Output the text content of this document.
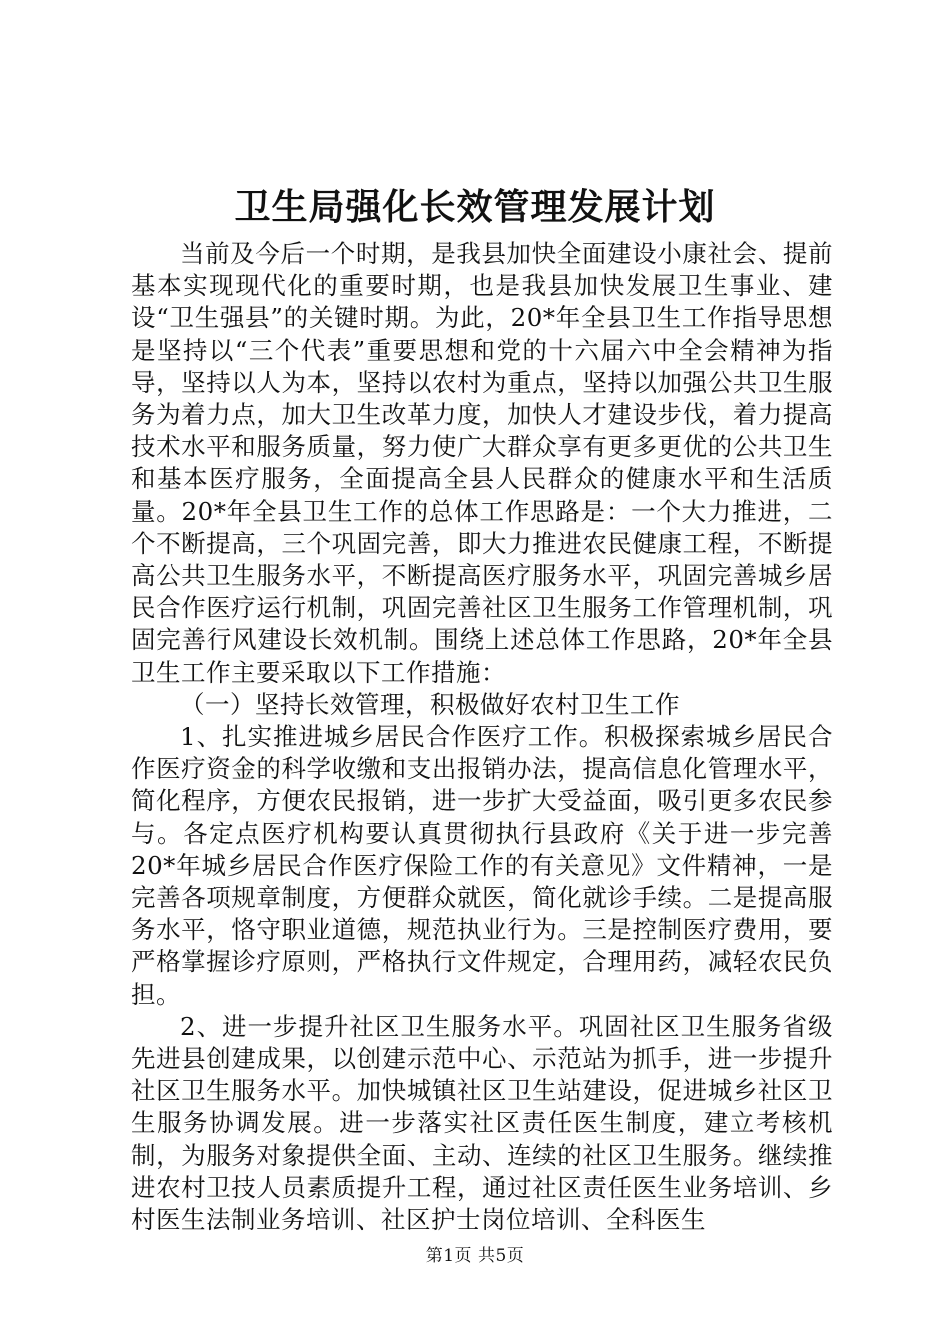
卫生局强化长效管理发展计划

当前及今后一个时期，是我县加快全面建设小康社会、提前基本实现现代化的重要时期，也是我县加快发展卫生事业、建设“卫生强县”的关键时期。为此，20*年全县卫生工作指导思想是坚持以“三个代表”重要思想和党的十六届六中全会精神为指导，坚持以人为本，坚持以农村为重点，坚持以加强公共卫生服务为着力点，加大卫生改革力度，加快人才建设步伐，着力提高技术水平和服务质量，努力使广大群众享有更多更优的公共卫生和基本医疗服务，全面提高全县人民群众的健康水平和生活质量。20*年全县卫生工作的总体工作思路是：一个大力推进，二个不断提高，三个巩固完善，即大力推进农民健康工程，不断提高公共卫生服务水平，不断提高医疗服务水平，巩固完善城乡居民合作医疗运行机制，巩固完善社区卫生服务工作管理机制，巩固完善行风建设长效机制。围绕上述总体工作思路，20*年全县卫生工作主要采取以下工作措施：

（一）坚持长效管理，积极做好农村卫生工作

1、扎实推进城乡居民合作医疗工作。积极探索城乡居民合作医疗资金的科学收缴和支出报销办法，提高信息化管理水平，简化程序，方便农民报销，进一步扩大受益面，吸引更多农民参与。各定点医疗机构要认真贯彻执行县政府《关于进一步完善20*年城乡居民合作医疗保险工作的有关意见》文件精神，一是完善各项规章制度，方便群众就医，简化就诊手续。二是提高服务水平，恪守职业道德，规范执业行为。三是控制医疗费用，要严格掌握诊疗原则，严格执行文件规定，合理用药，减轻农民负担。

2、进一步提升社区卫生服务水平。巩固社区卫生服务省级先进县创建成果，以创建示范中心、示范站为抓手，进一步提升社区卫生服务水平。加快城镇社区卫生站建设，促进城乡社区卫生服务协调发展。进一步落实社区责任医生制度，建立考核机制，为服务对象提供全面、主动、连续的社区卫生服务。继续推进农村卫技人员素质提升工程，通过社区责任医生业务培训、乡村医生法制业务培训、社区护士岗位培训、全科医生

第1页 共5页
